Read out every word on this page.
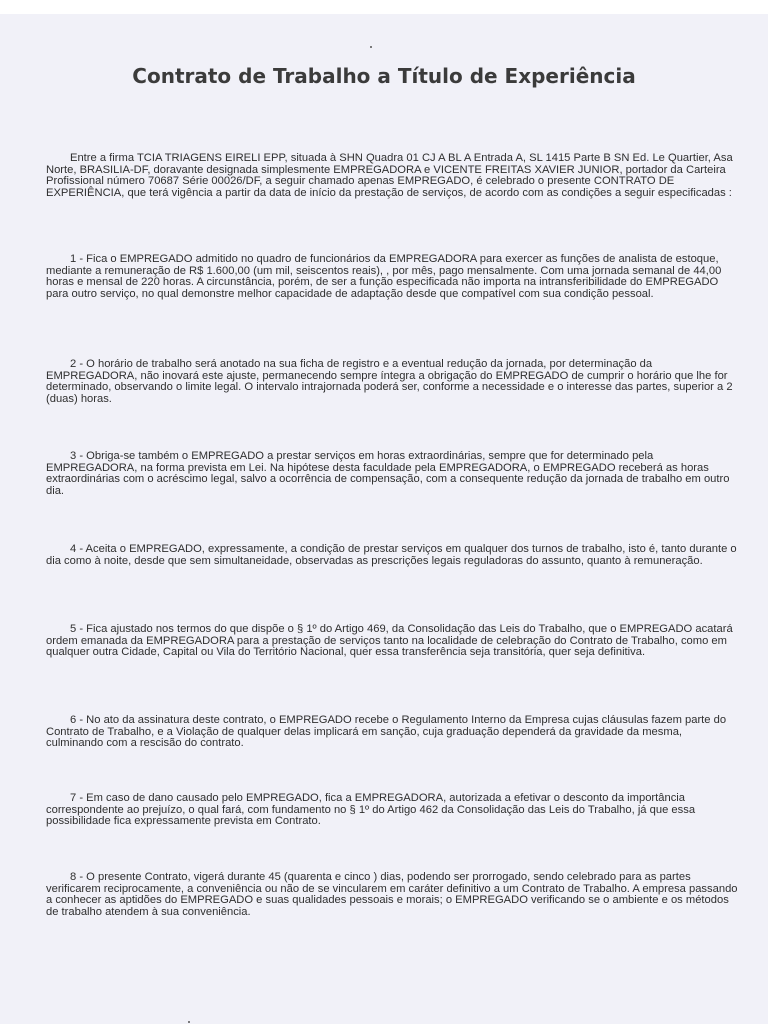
Contrato de Trabalho a Título de Experiência

Entre a firma TCIA TRIAGENS EIRELI EPP, situada à SHN Quadra 01 CJ A BL A Entrada A, SL 1415 Parte B SN Ed. Le Quartier, Asa Norte, BRASILIA-DF, doravante designada simplesmente EMPREGADORA e VICENTE FREITAS XAVIER JUNIOR, portador da Carteira Profissional número 70687 Série 00026/DF, a seguir chamado apenas EMPREGADO, é celebrado o presente CONTRATO DE EXPERIÊNCIA, que terá vigência a partir da data de início da prestação de serviços, de acordo com as condições a seguir especificadas :

1 - Fica o EMPREGADO admitido no quadro de funcionários da EMPREGADORA para exercer as funções de analista de estoque, mediante a remuneração de R$ 1.600,00 (um mil, seiscentos reais), , por mês, pago mensalmente. Com uma jornada semanal de 44,00 horas e mensal de 220 horas. A circunstância, porém, de ser a função especificada não importa na intransferibilidade do EMPREGADO para outro serviço, no qual demonstre melhor capacidade de adaptação desde que compatível com sua condição pessoal.

2 - O horário de trabalho será anotado na sua ficha de registro e a eventual redução da jornada, por determinação da EMPREGADORA, não inovará este ajuste, permanecendo sempre íntegra a obrigação do EMPREGADO de cumprir o horário que lhe for determinado, observando o limite legal. O intervalo intrajornada poderá ser, conforme a necessidade e o interesse das partes, superior a 2 (duas) horas.

3 - Obriga-se também o EMPREGADO a prestar serviços em horas extraordinárias, sempre que for determinado pela EMPREGADORA, na forma prevista em Lei. Na hipótese desta faculdade pela EMPREGADORA, o EMPREGADO receberá as horas extraordinárias com o acréscimo legal, salvo a ocorrência de compensação, com a consequente redução da jornada de trabalho em outro dia.

4 - Aceita o EMPREGADO, expressamente, a condição de prestar serviços em qualquer dos turnos de trabalho, isto é, tanto durante o dia como à noite, desde que sem simultaneidade, observadas as prescrições legais reguladoras do assunto, quanto à remuneração.

5 - Fica ajustado nos termos do que dispõe o § 1º do Artigo 469, da Consolidação das Leis do Trabalho, que o EMPREGADO acatará ordem emanada da EMPREGADORA para a prestação de serviços tanto na localidade de celebração do Contrato de Trabalho, como em qualquer outra Cidade, Capital ou Vila do Território Nacional, quer essa transferência seja transitória, quer seja definitiva.

6 - No ato da assinatura deste contrato, o EMPREGADO recebe o Regulamento Interno da Empresa cujas cláusulas fazem parte do Contrato de Trabalho, e a Violação de qualquer delas implicará em sanção, cuja graduação dependerá da gravidade da mesma, culminando com a rescisão do contrato.

7 - Em caso de dano causado pelo EMPREGADO, fica a EMPREGADORA, autorizada a efetivar o desconto da importância correspondente ao prejuízo, o qual fará, com fundamento no § 1º do Artigo 462 da Consolidação das Leis do Trabalho, já que essa possibilidade fica expressamente prevista em Contrato.

8 - O presente Contrato, vigerá durante 45 (quarenta e cinco ) dias, podendo ser prorrogado, sendo celebrado para as partes verificarem reciprocamente, a conveniência ou não de se vincularem em caráter definitivo a um Contrato de Trabalho. A empresa passando a conhecer as aptidões do EMPREGADO e suas qualidades pessoais e morais; o EMPREGADO verificando se o ambiente e os métodos de trabalho atendem à sua conveniência.
